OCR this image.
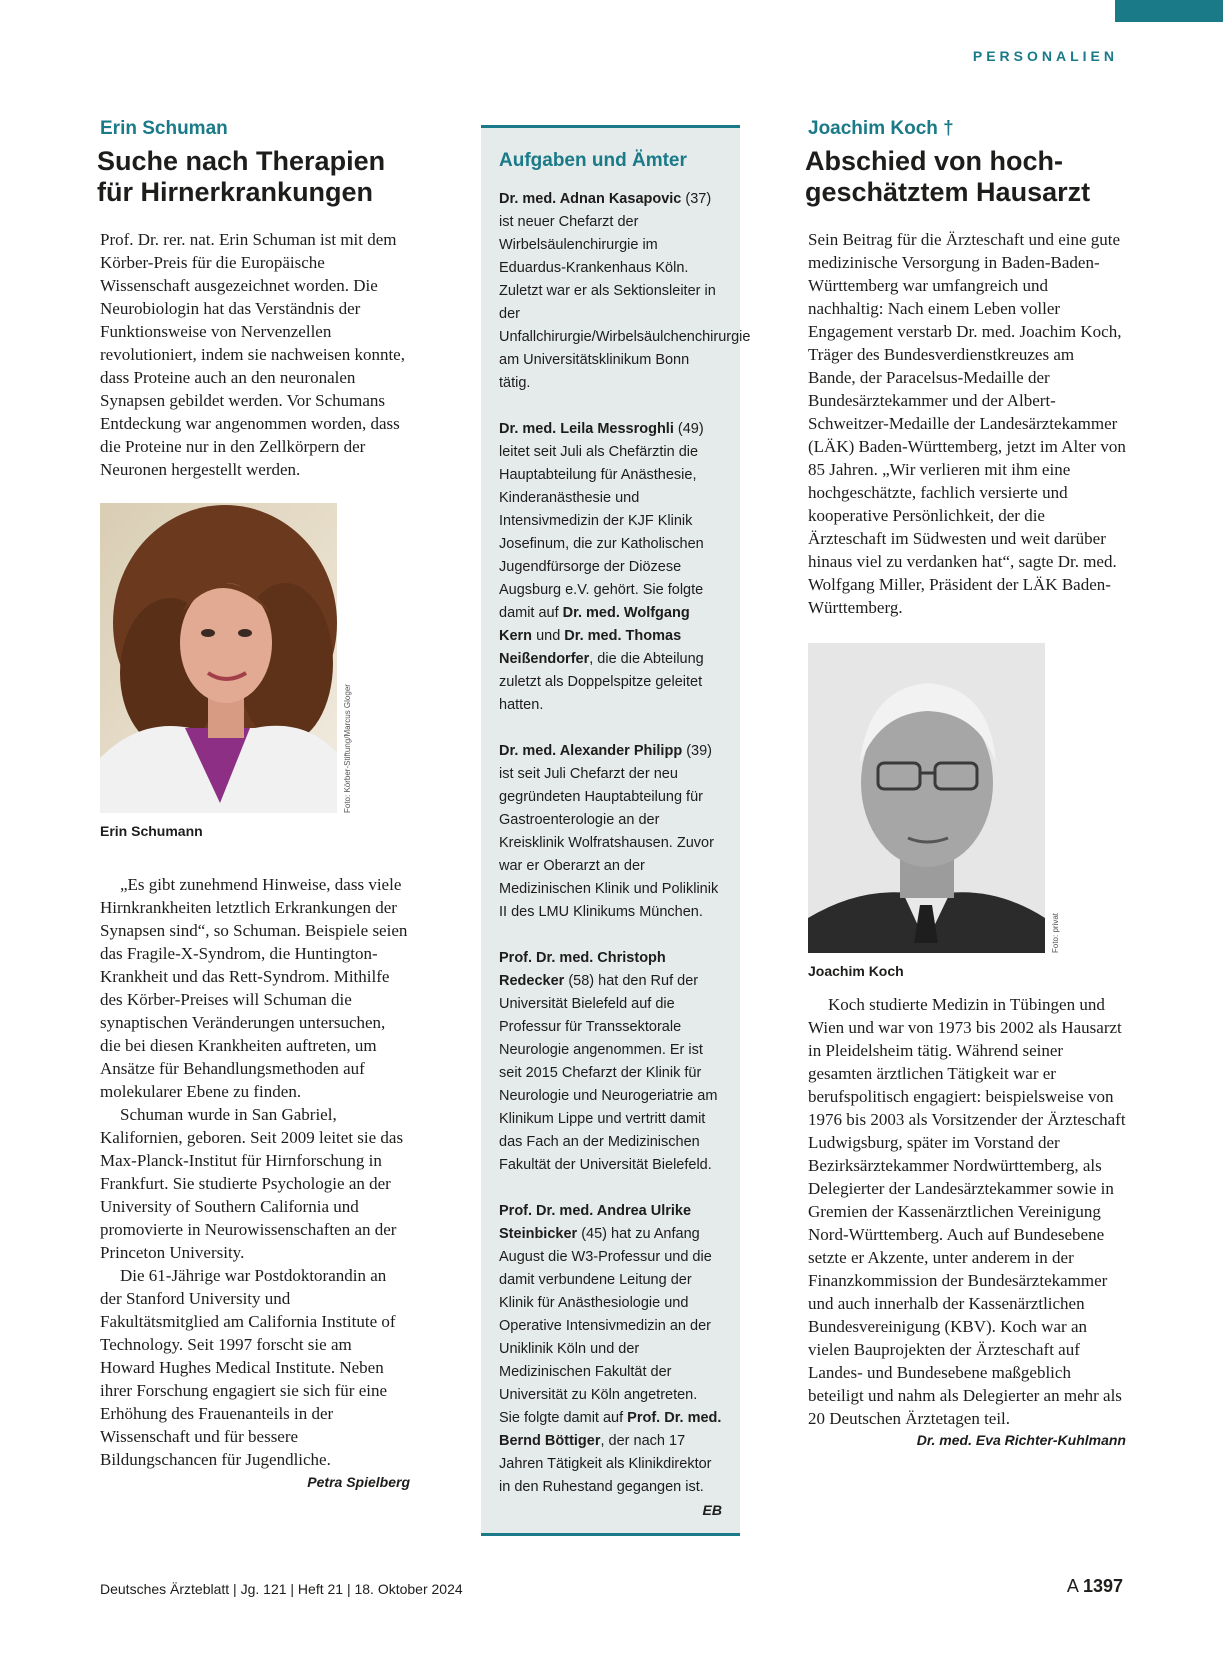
PERSONALIEN
Erin Schuman
Suche nach Therapien
für Hirnerkrankungen

Prof. Dr. rer. nat. Erin Schuman ist mit dem Körber-Preis für die Europäische Wissenschaft ausgezeichnet worden. Die Neurobiologin hat das Verständnis der Funktionsweise von Nervenzellen revolutioniert, indem sie nachweisen konnte, dass Proteine auch an den neuronalen Synapsen gebildet werden. Vor Schumans Entdeckung war angenommen worden, dass die Proteine nur in den Zellkörpern der Neuronen hergestellt werden.

Foto: Körber-Stiftung/Marcus Gloger
Erin Schumann

„Es gibt zunehmend Hinweise, dass viele Hirnkrankheiten letztlich Erkrankungen der Synapsen sind“, so Schuman. Beispiele seien das Fragile-X-Syndrom, die Huntington-Krankheit und das Rett-Syndrom. Mithilfe des Körber-Preises will Schuman die synaptischen Veränderungen untersuchen, die bei diesen Krankheiten auftreten, um Ansätze für Behandlungsmethoden auf molekularer Ebene zu finden.

Schuman wurde in San Gabriel, Kalifornien, geboren. Seit 2009 leitet sie das Max-Planck-Institut für Hirnforschung in Frankfurt. Sie studierte Psychologie an der University of Southern California und promovierte in Neurowissenschaften an der Princeton University.

Die 61-Jährige war Postdoktorandin an der Stanford University und Fakultätsmitglied am California Institute of Technology. Seit 1997 forscht sie am Howard Hughes Medical Institute. Neben ihrer Forschung engagiert sie sich für eine Erhöhung des Frauenanteils in der Wissenschaft und für bessere Bildungschancen für Jugendliche.
Petra Spielberg

Aufgaben und Ämter

Dr. med. Adnan Kasapovic (37) ist neuer Chefarzt der Wirbelsäulenchirurgie im Eduardus-Krankenhaus Köln. Zuletzt war er als Sektionsleiter in der Unfallchirurgie/Wirbelsäulchenchirurgie am Universitätsklinikum Bonn tätig.

Dr. med. Leila Messroghli (49) leitet seit Juli als Chefärztin die Hauptabteilung für Anästhesie, Kinderanästhesie und Intensivmedizin der KJF Klinik Josefinum, die zur Katholischen Jugendfürsorge der Diözese Augsburg e.V. gehört. Sie folgte damit auf Dr. med. Wolfgang Kern und Dr. med. Thomas Neißendorfer, die die Abteilung zuletzt als Doppelspitze geleitet hatten.

Dr. med. Alexander Philipp (39) ist seit Juli Chefarzt der neu gegründeten Hauptabteilung für Gastroenterologie an der Kreisklinik Wolfratshausen. Zuvor war er Oberarzt an der Medizinischen Klinik und Poliklinik II des LMU Klinikums München.

Prof. Dr. med. Christoph Redecker (58) hat den Ruf der Universität Bielefeld auf die Professur für Transsektorale Neurologie angenommen. Er ist seit 2015 Chefarzt der Klinik für Neurologie und Neurogeriatrie am Klinikum Lippe und vertritt damit das Fach an der Medizinischen Fakultät der Universität Bielefeld.

Prof. Dr. med. Andrea Ulrike Steinbicker (45) hat zu Anfang August die W3-Professur und die damit verbundene Leitung der Klinik für Anästhesiologie und Operative Intensivmedizin an der Uniklinik Köln und der Medizinischen Fakultät der Universität zu Köln angetreten. Sie folgte damit auf Prof. Dr. med. Bernd Böttiger, der nach 17 Jahren Tätigkeit als Klinikdirektor in den Ruhestand gegangen ist.
EB

Joachim Koch †
Abschied von hoch-
geschätztem Hausarzt

Sein Beitrag für die Ärzteschaft und eine gute medizinische Versorgung in Baden-Baden-Württemberg war umfangreich und nachhaltig: Nach einem Leben voller Engagement verstarb Dr. med. Joachim Koch, Träger des Bundesverdienstkreuzes am Bande, der Paracelsus-Medaille der Bundesärztekammer und der Albert-Schweitzer-Medaille der Landesärztekammer (LÄK) Baden-Württemberg, jetzt im Alter von 85 Jahren. „Wir verlieren mit ihm eine hochgeschätzte, fachlich versierte und kooperative Persönlichkeit, der die Ärzteschaft im Südwesten und weit darüber hinaus viel zu verdanken hat“, sagte Dr. med. Wolfgang Miller, Präsident der LÄK Baden-Württemberg.

Foto: privat
Joachim Koch

Koch studierte Medizin in Tübingen und Wien und war von 1973 bis 2002 als Hausarzt in Pleidelsheim tätig. Während seiner gesamten ärztlichen Tätigkeit war er berufspolitisch engagiert: beispielsweise von 1976 bis 2003 als Vorsitzender der Ärzteschaft Ludwigsburg, später im Vorstand der Bezirksärztekammer Nordwürttemberg, als Delegierter der Landesärztekammer sowie in Gremien der Kassenärztlichen Vereinigung Nord-Württemberg. Auch auf Bundesebene setzte er Akzente, unter anderem in der Finanzkommission der Bundesärztekammer und auch innerhalb der Kassenärztlichen Bundesvereinigung (KBV). Koch war an vielen Bauprojekten der Ärzteschaft auf Landes- und Bundesebene maßgeblich beteiligt und nahm als Delegierter an mehr als 20 Deutschen Ärztetagen teil.

Dr. med. Eva Richter-Kuhlmann
Deutsches Ärzteblatt | Jg. 121 | Heft 21 | 18. Oktober 2024	A 1397
